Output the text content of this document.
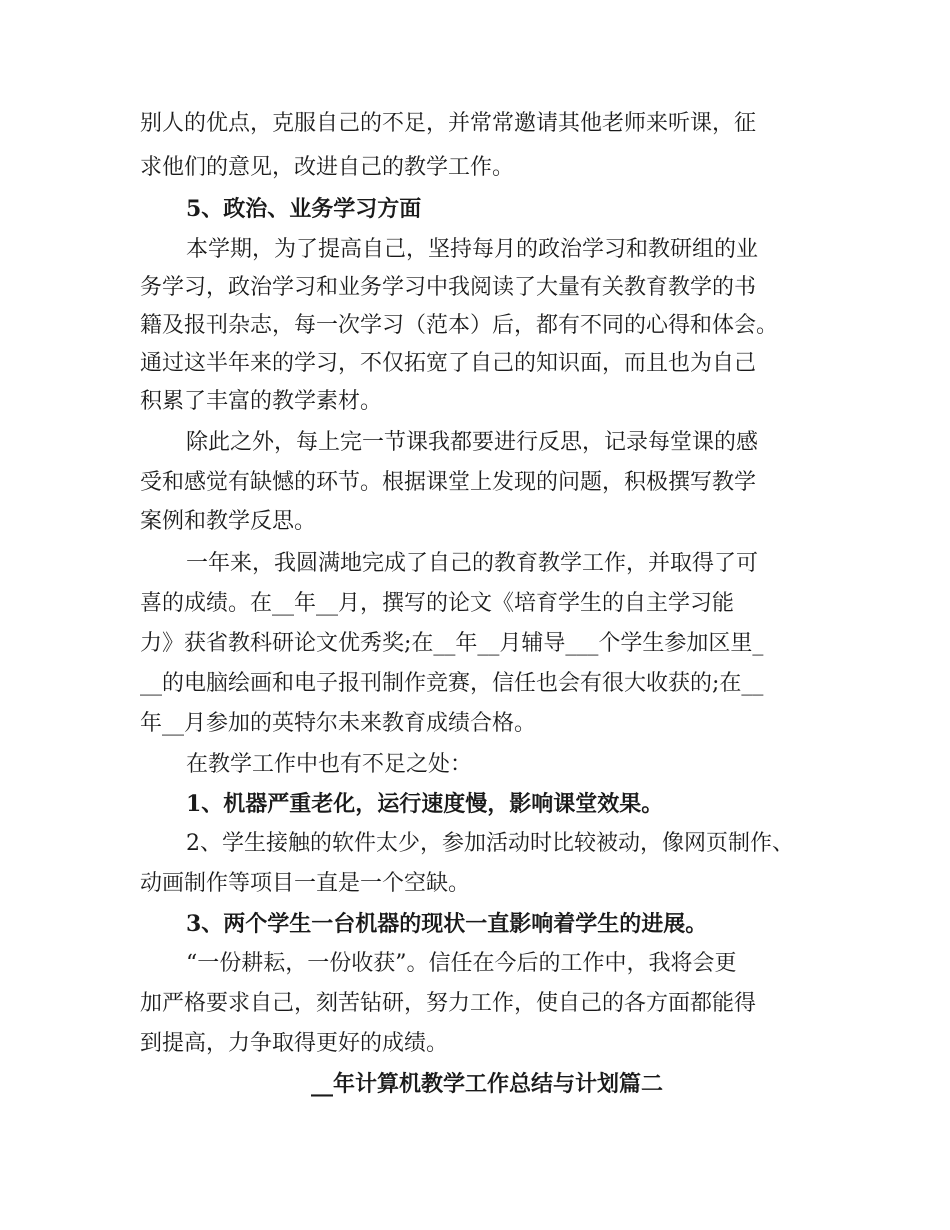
别人的优点，克服自己的不足，并常常邀请其他老师来听课，征
求他们的意见，改进自己的教学工作。
5、政治、业务学习方面
本学期，为了提高自己，坚持每月的政治学习和教研组的业
务学习，政治学习和业务学习中我阅读了大量有关教育教学的书
籍及报刊杂志，每一次学习（范本）后，都有不同的心得和体会。
通过这半年来的学习，不仅拓宽了自己的知识面，而且也为自己
积累了丰富的教学素材。
除此之外，每上完一节课我都要进行反思，记录每堂课的感
受和感觉有缺憾的环节。根据课堂上发现的问题，积极撰写教学
案例和教学反思。
一年来，我圆满地完成了自己的教育教学工作，并取得了可
喜的成绩。在__年__月，撰写的论文《培育学生的自主学习能
力》获省教科研论文优秀奖;在__年__月辅导___个学生参加区里_
__的电脑绘画和电子报刊制作竞赛，信任也会有很大收获的;在__
年__月参加的英特尔未来教育成绩合格。
在教学工作中也有不足之处：
1、机器严重老化，运行速度慢，影响课堂效果。
2、学生接触的软件太少，参加活动时比较被动，像网页制作、
动画制作等项目一直是一个空缺。
3、两个学生一台机器的现状一直影响着学生的进展。
“一份耕耘，一份收获”。信任在今后的工作中，我将会更
加严格要求自己，刻苦钻研，努力工作，使自己的各方面都能得
到提高，力争取得更好的成绩。
__年计算机教学工作总结与计划篇二
